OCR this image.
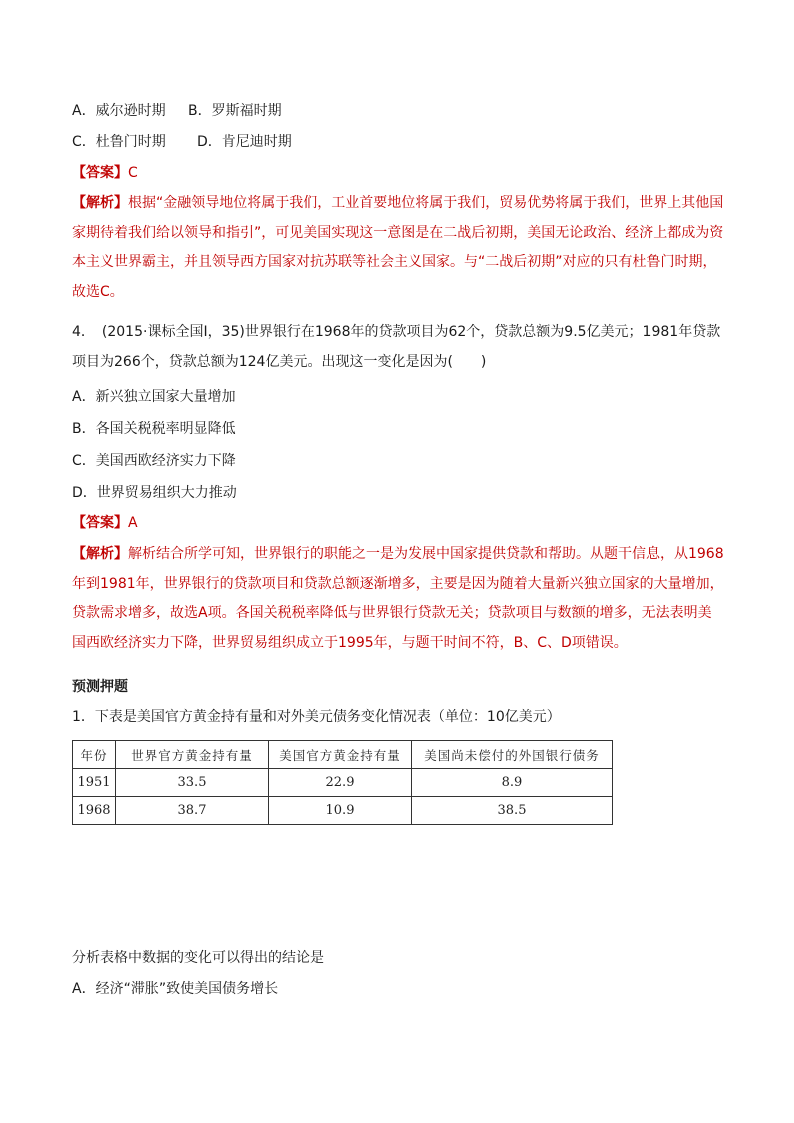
A．威尔逊时期 B．罗斯福时期
C．杜鲁门时期 D．肯尼迪时期
【答案】C
【解析】根据“金融领导地位将属于我们，工业首要地位将属于我们，贸易优势将属于我们，世界上其他国家期待着我们给以领导和指引”，可见美国实现这一意图是在二战后初期，美国无论政治、经济上都成为资本主义世界霸主，并且领导西方国家对抗苏联等社会主义国家。与“二战后初期”对应的只有杜鲁门时期，故选C。
4．　(2015·课标全国Ⅰ，35)世界银行在1968年的贷款项目为62个，贷款总额为9.5亿美元；1981年贷款项目为266个，贷款总额为124亿美元。出现这一变化是因为(　　)
A．新兴独立国家大量增加
B．各国关税税率明显降低
C．美国西欧经济实力下降
D．世界贸易组织大力推动
【答案】A
【解析】解析结合所学可知，世界银行的职能之一是为发展中国家提供贷款和帮助。从题干信息，从1968年到1981年，世界银行的贷款项目和贷款总额逐渐增多，主要是因为随着大量新兴独立国家的大量增加，贷款需求增多，故选A项。各国关税税率降低与世界银行贷款无关；贷款项目与数额的增多，无法表明美国西欧经济实力下降，世界贸易组织成立于1995年，与题干时间不符，B、C、D项错误。
预测押题
1．下表是美国官方黄金持有量和对外美元债务变化情况表（单位：10亿美元）
年份	世界官方黄金持有量	美国官方黄金持有量	美国尚未偿付的外国银行债务
1951	33.5	22.9	8.9
1968	38.7	10.9	38.5
分析表格中数据的变化可以得出的结论是
A．经济“滞胀”致使美国债务增长
